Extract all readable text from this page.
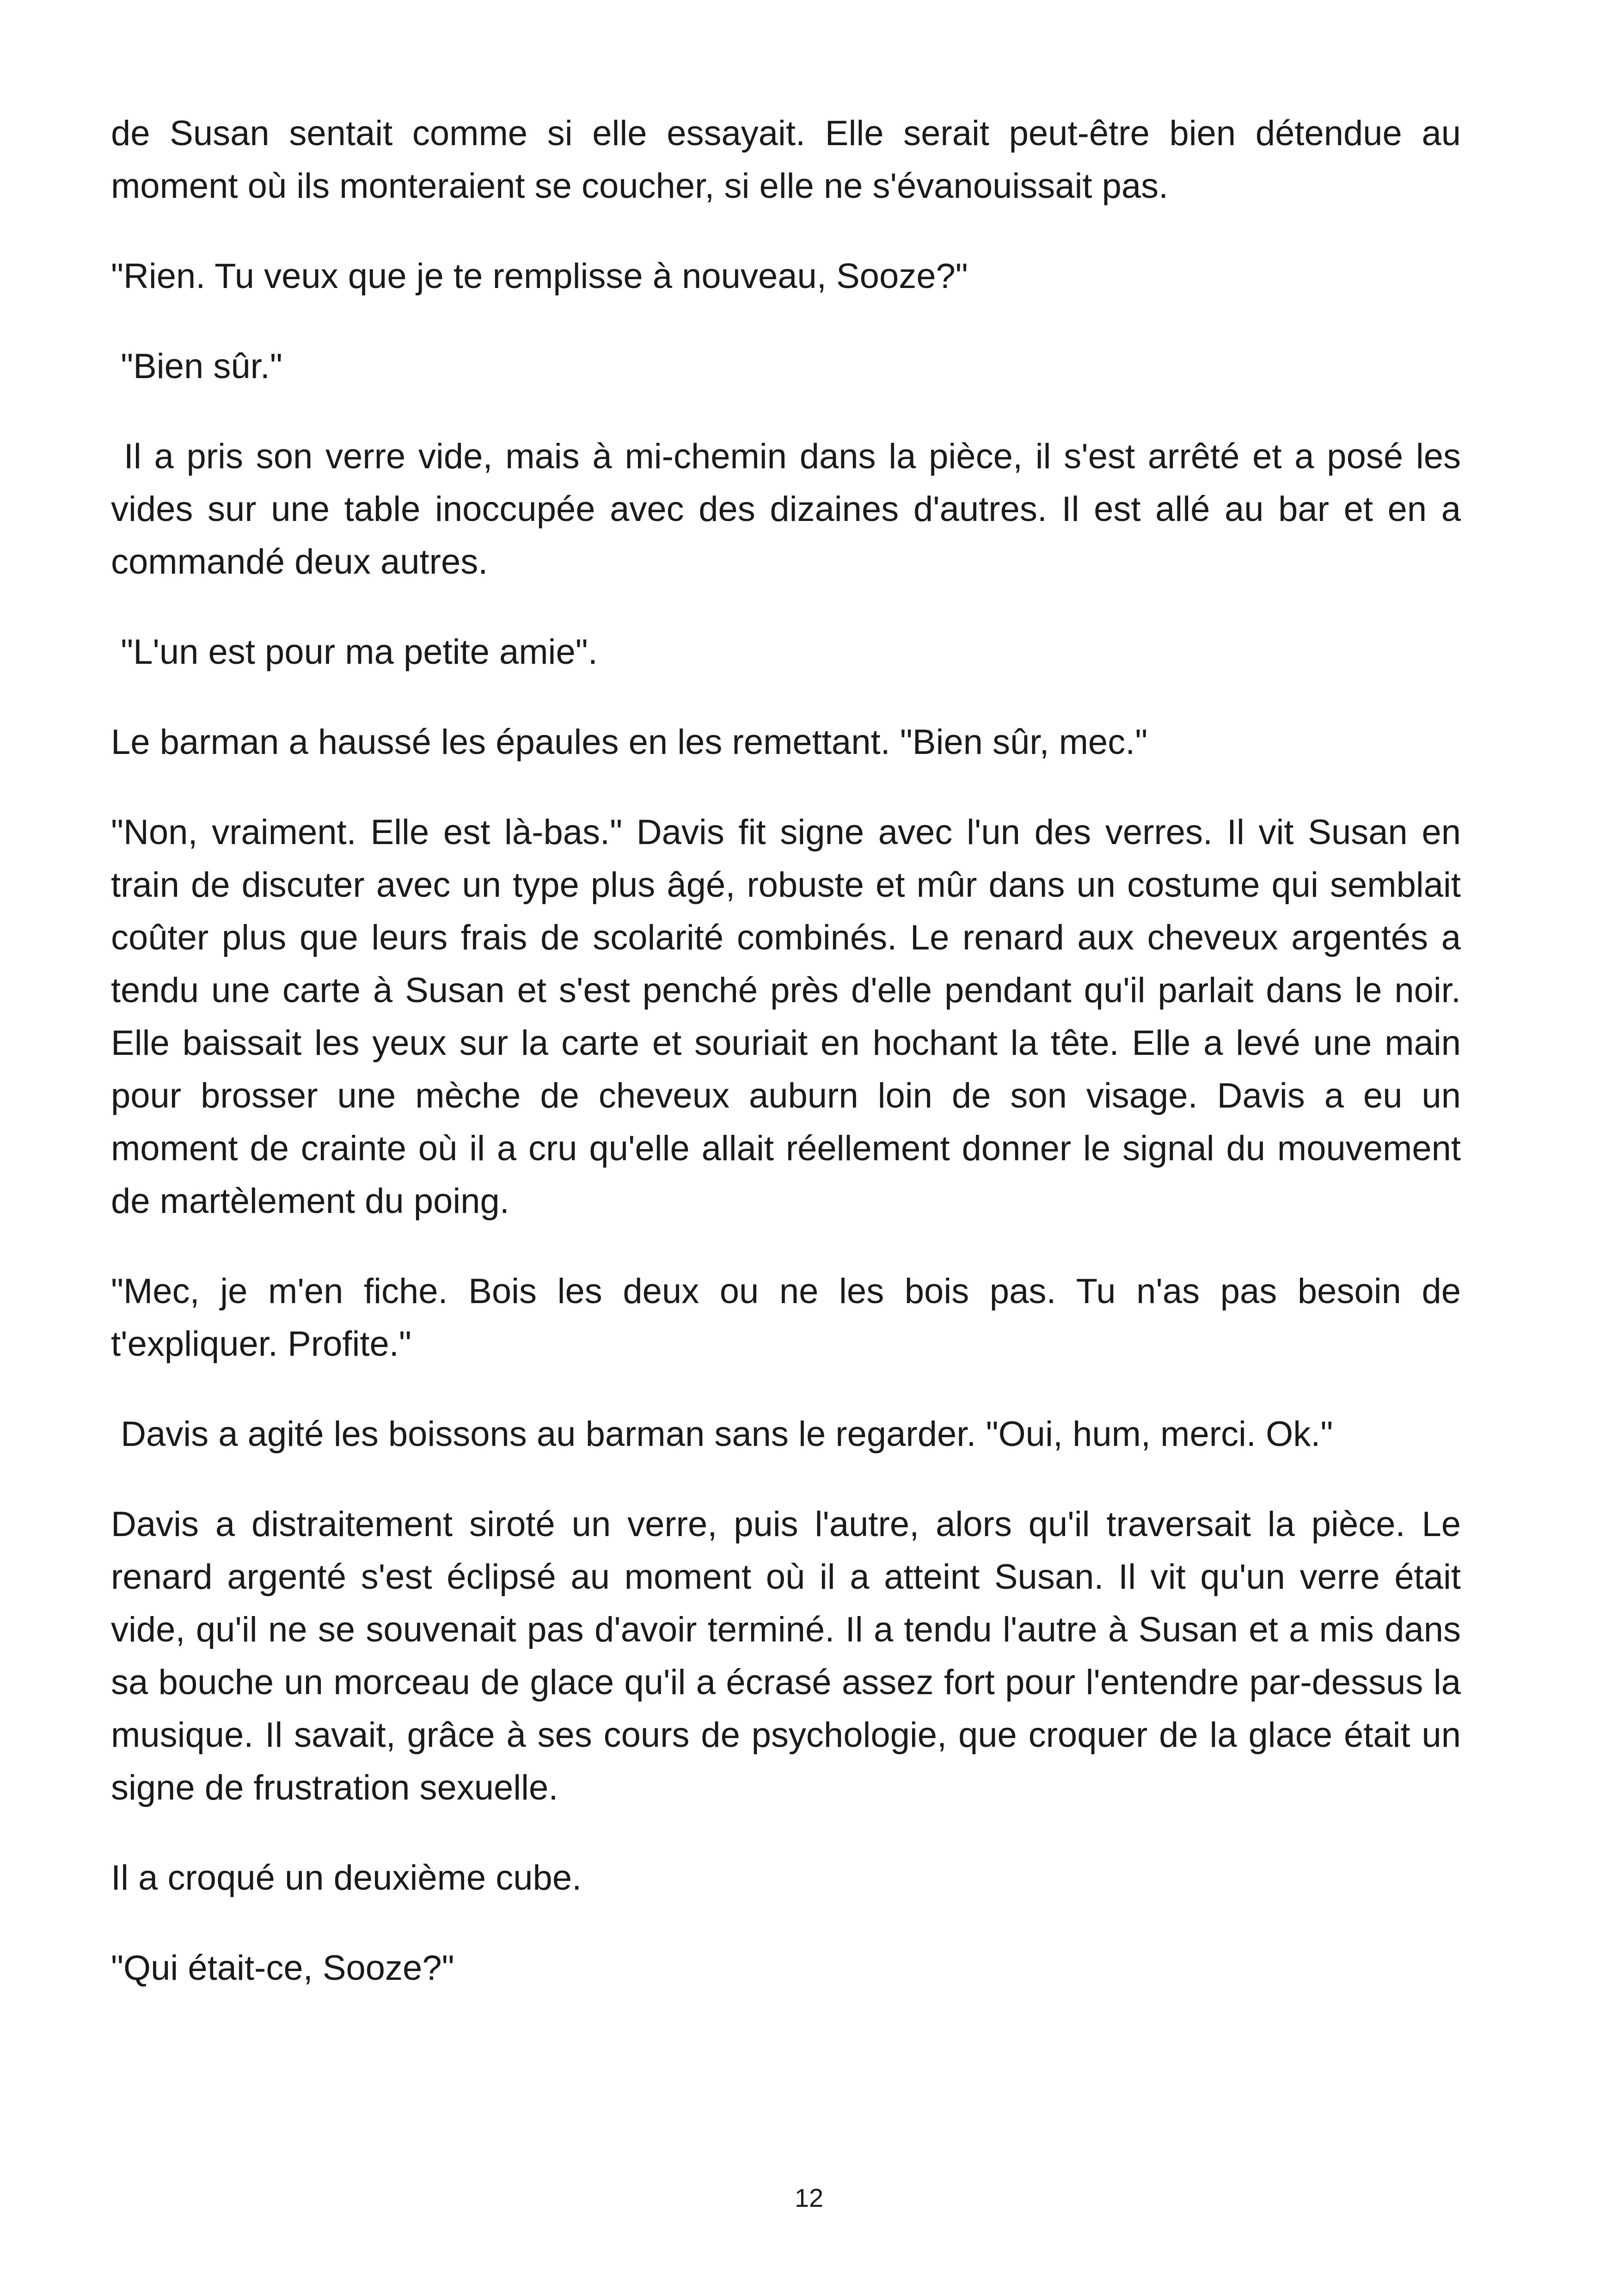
de Susan sentait comme si elle essayait. Elle serait peut-être bien détendue au moment où ils monteraient se coucher, si elle ne s'évanouissait pas.

"Rien. Tu veux que je te remplisse à nouveau, Sooze?"

"Bien sûr."

Il a pris son verre vide, mais à mi-chemin dans la pièce, il s'est arrêté et a posé les vides sur une table inoccupée avec des dizaines d'autres. Il est allé au bar et en a commandé deux autres.

"L'un est pour ma petite amie".

Le barman a haussé les épaules en les remettant. "Bien sûr, mec."

"Non, vraiment. Elle est là-bas." Davis fit signe avec l'un des verres. Il vit Susan en train de discuter avec un type plus âgé, robuste et mûr dans un costume qui semblait coûter plus que leurs frais de scolarité combinés. Le renard aux cheveux argentés a tendu une carte à Susan et s'est penché près d'elle pendant qu'il parlait dans le noir. Elle baissait les yeux sur la carte et souriait en hochant la tête. Elle a levé une main pour brosser une mèche de cheveux auburn loin de son visage. Davis a eu un moment de crainte où il a cru qu'elle allait réellement donner le signal du mouvement de martèlement du poing.

"Mec, je m'en fiche. Bois les deux ou ne les bois pas. Tu n'as pas besoin de t'expliquer. Profite."

Davis a agité les boissons au barman sans le regarder. "Oui, hum, merci. Ok."

Davis a distraitement siroté un verre, puis l'autre, alors qu'il traversait la pièce. Le renard argenté s'est éclipsé au moment où il a atteint Susan. Il vit qu'un verre était vide, qu'il ne se souvenait pas d'avoir terminé. Il a tendu l'autre à Susan et a mis dans sa bouche un morceau de glace qu'il a écrasé assez fort pour l'entendre par-dessus la musique. Il savait, grâce à ses cours de psychologie, que croquer de la glace était un signe de frustration sexuelle.

Il a croqué un deuxième cube.

"Qui était-ce, Sooze?"

12
